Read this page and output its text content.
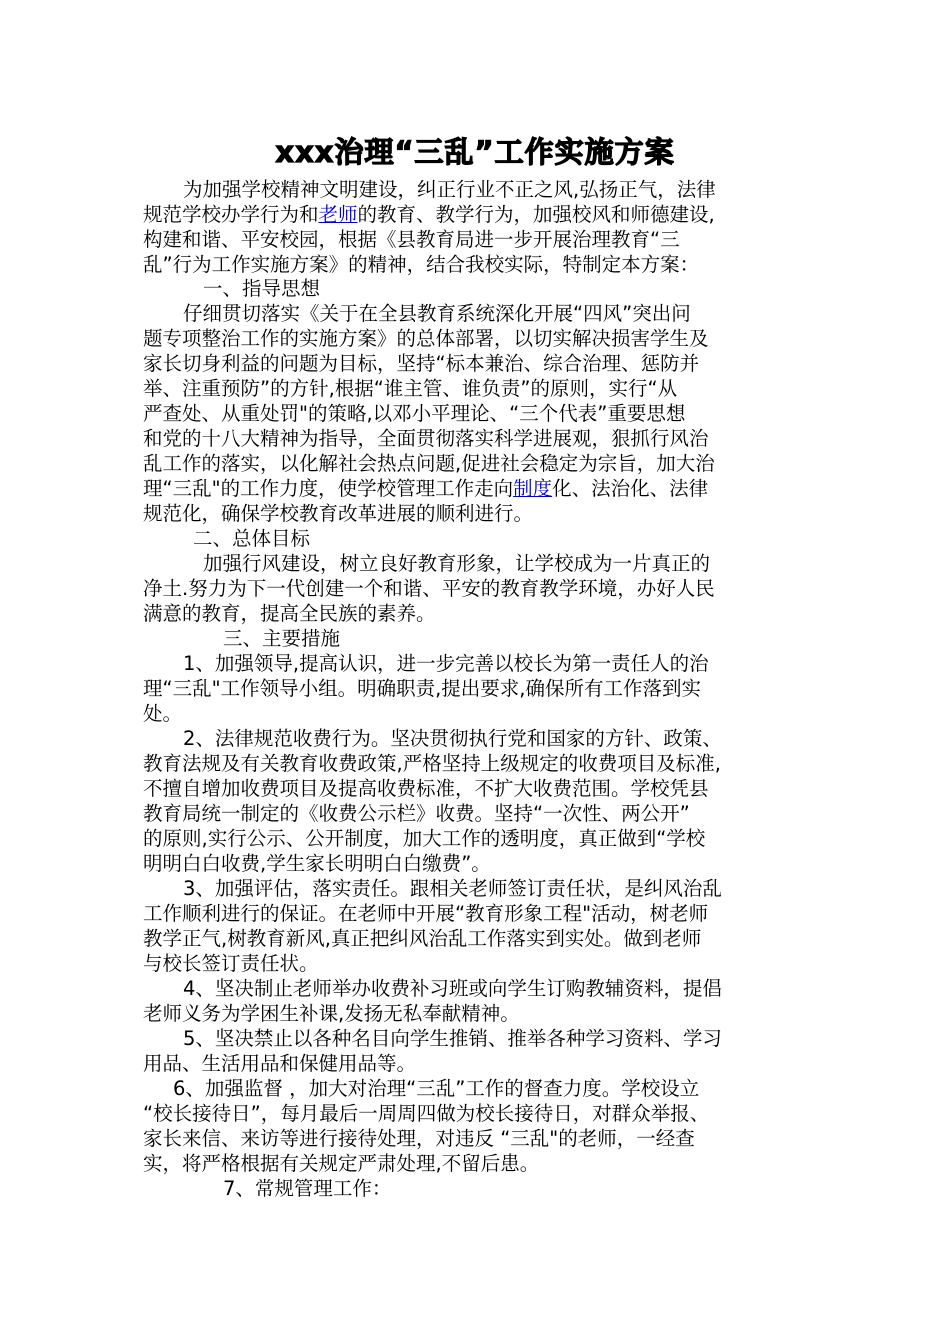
xxx治理“三乱”工作实施方案
为加强学校精神文明建设，纠正行业不正之风,弘扬正气，法律
规范学校办学行为和老师的教育、教学行为，加强校风和师德建设,
构建和谐、平安校园，根据《县教育局进一步开展治理教育“三
乱”行为工作实施方案》的精神，结合我校实际，特制定本方案：
一、指导思想
仔细贯切落实《关于在全县教育系统深化开展“四风”突出问
题专项整治工作的实施方案》的总体部署，以切实解决损害学生及
家长切身利益的问题为目标，坚持“标本兼治、综合治理、惩防并
举、注重预防”的方针,根据“谁主管、谁负责”的原则，实行“从
严查处、从重处罚"的策略,以邓小平理论、“三个代表”重要思想
和党的十八大精神为指导，全面贯彻落实科学进展观，狠抓行风治
乱工作的落实，以化解社会热点问题,促进社会稳定为宗旨，加大治
理“三乱"的工作力度，使学校管理工作走向制度化、法治化、法律
规范化，确保学校教育改革进展的顺利进行。
二、总体目标
加强行风建设，树立良好教育形象，让学校成为一片真正的
净土.努力为下一代创建一个和谐、平安的教育教学环境，办好人民
满意的教育，提高全民族的素养。
三、主要措施
1、加强领导,提高认识，进一步完善以校长为第一责任人的治
理“三乱"工作领导小组。明确职责,提出要求,确保所有工作落到实
处。
2、法律规范收费行为。坚决贯彻执行党和国家的方针、政策、
教育法规及有关教育收费政策,严格坚持上级规定的收费项目及标准,
不擅自增加收费项目及提高收费标准，不扩大收费范围。学校凭县
教育局统一制定的《收费公示栏》收费。坚持“一次性、两公开”
的原则,实行公示、公开制度，加大工作的透明度，真正做到“学校
明明白白收费,学生家长明明白白缴费”。
3、加强评估，落实责任。跟相关老师签订责任状，是纠风治乱
工作顺利进行的保证。在老师中开展“教育形象工程"活动，树老师
教学正气,树教育新风,真正把纠风治乱工作落实到实处。做到老师
与校长签订责任状。
4、坚决制止老师举办收费补习班或向学生订购教辅资料，提倡
老师义务为学困生补课,发扬无私奉献精神。
5、坚决禁止以各种名目向学生推销、推举各种学习资料、学习
用品、生活用品和保健用品等。
6、加强监督 ，加大对治理“三乱”工作的督查力度。学校设立
“校长接待日”，每月最后一周周四做为校长接待日，对群众举报、
家长来信、来访等进行接待处理，对违反 “三乱"的老师，一经查
实，将严格根据有关规定严肃处理,不留后患。
7、常规管理工作：
